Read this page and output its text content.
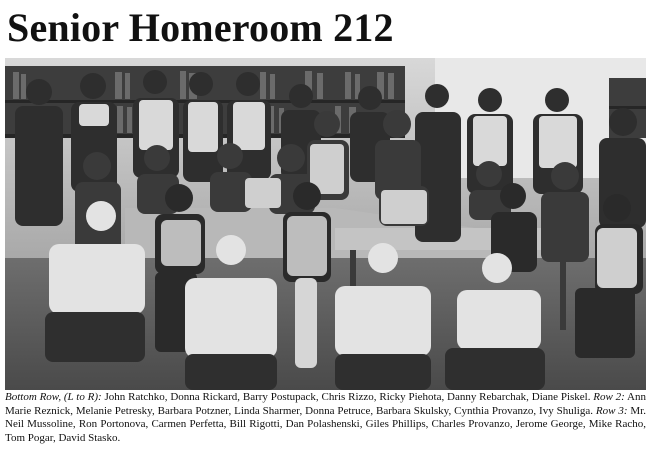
Senior Homeroom 212

Bottom Row, (L to R): John Ratchko, Donna Rickard, Barry Postupack, Chris Rizzo, Ricky Piehota, Danny Rebarchak, Diane Piskel. Row 2: Ann Marie Reznick, Melanie Petresky, Barbara Potzner, Linda Sharmer, Donna Petruce, Barbara Skulsky, Cynthia Provanzo, Ivy Shuliga. Row 3: Mr. Neil Mussoline, Ron Portonova, Carmen Perfetta, Bill Rigotti, Dan Polashenski, Giles Phillips, Charles Provanzo, Jerome George, Mike Racho, Tom Pogar, David Stasko.
